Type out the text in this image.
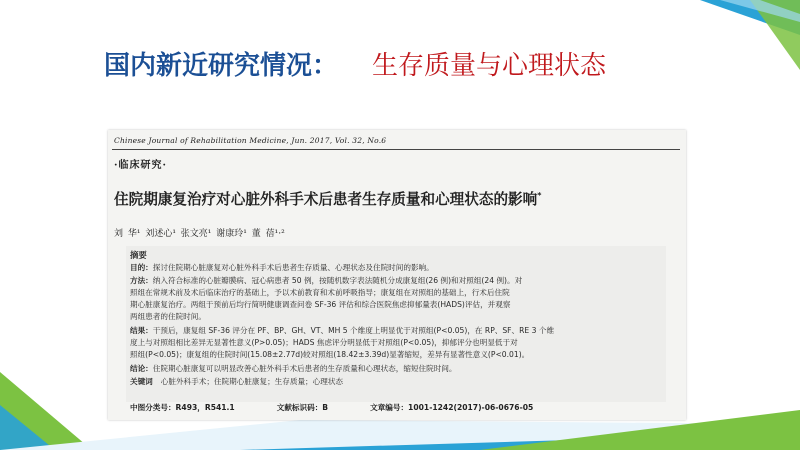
国内新近研究情况： 生存质量与心理状态
Chinese Journal of Rehabilitation Medicine, Jun. 2017, Vol. 32, No.6
·临床研究·
住院期康复治疗对心脏外科手术后患者生存质量和心理状态的影响*
刘 华¹ 刘述心¹ 张文亮¹ 谢康玲¹ 董 蓓¹·²
摘要
目的：探讨住院期心脏康复对心脏外科手术后患者生存质量、心理状态及住院时间的影响。
方法：纳入符合标准的心脏瓣膜病、冠心病患者 50 例，按随机数字表法随机分成康复组(26 例)和对照组(24 例)。对
照组在常规术前及术后临床治疗的基础上，予以术前教育和术前呼吸指导；康复组在对照组的基础上，行术后住院
期心脏康复治疗。两组于预前后均行简明健康调查问卷 SF-36 评估和综合医院焦虑抑郁量表(HADS)评估，并观察
两组患者的住院时间。
结果：干预后，康复组 SF-36 评分在 PF、BP、GH、VT、MH 5 个维度上明显优于对照组(P<0.05)，在 RP、SF、RE 3 个维
度上与对照组相比差异无显著性意义(P>0.05)；HADS 焦虑评分明显低于对照组(P<0.05)，抑郁评分也明显低于对
照组(P<0.05)；康复组的住院时间(15.08±2.77d)较对照组(18.42±3.39d)显著缩短，差异有显著性意义(P<0.01)。
结论：住院期心脏康复可以明显改善心脏外科手术后患者的生存质量和心理状态，缩短住院时间。
关键词 心脏外科手术；住院期心脏康复；生存质量；心理状态
中图分类号：R493，R541.1	文献标识码：B	文章编号：1001-1242(2017)-06-0676-05
